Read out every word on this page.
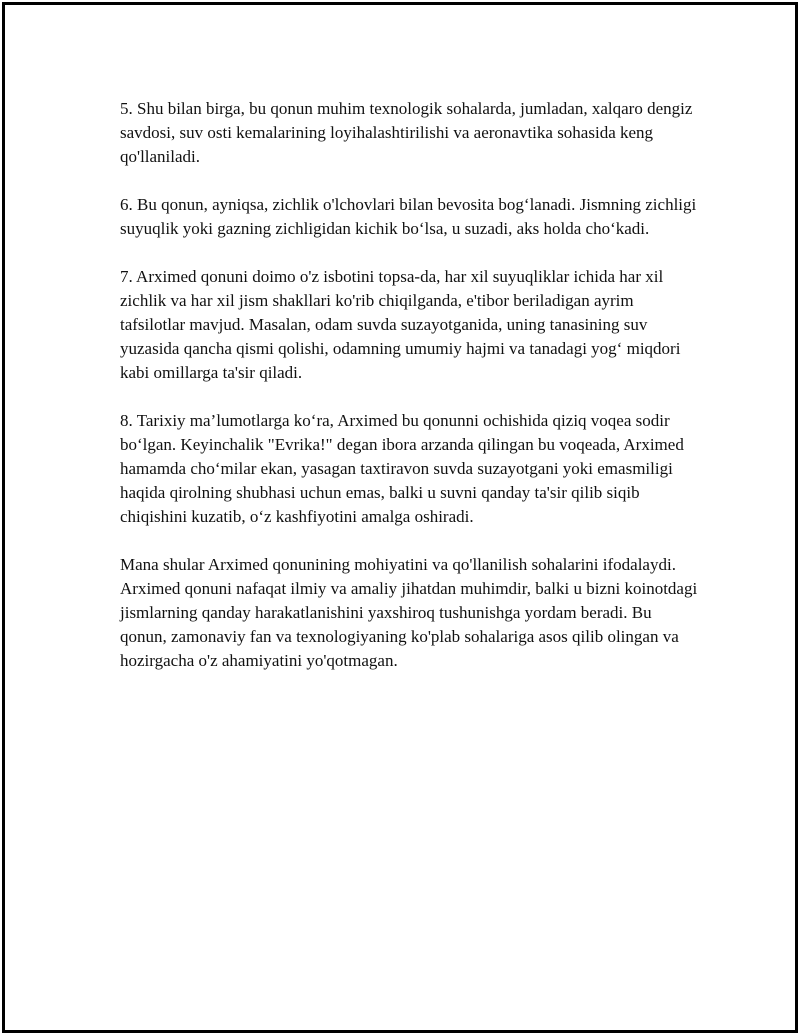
5. Shu bilan birga, bu qonun muhim texnologik sohalarda, jumladan, xalqaro dengiz savdosi, suv osti kemalarining loyihalashtirilishi va aeronavtika sohasida keng qo'llaniladi.

6. Bu qonun, ayniqsa, zichlik o'lchovlari bilan bevosita bog‘lanadi. Jismning zichligi suyuqlik yoki gazning zichligidan kichik bo‘lsa, u suzadi, aks holda cho‘kadi.

7. Arximed qonuni doimo o'z isbotini topsa-da, har xil suyuqliklar ichida har xil zichlik va har xil jism shakllari ko'rib chiqilganda, e'tibor beriladigan ayrim tafsilotlar mavjud. Masalan, odam suvda suzayotganida, uning tanasining suv yuzasida qancha qismi qolishi, odamning umumiy hajmi va tanadagi yog‘ miqdori kabi omillarga ta'sir qiladi.

8. Tarixiy ma’lumotlarga ko‘ra, Arximed bu qonunni ochishida qiziq voqea sodir bo‘lgan. Keyinchalik "Evrika!" degan ibora arzanda qilingan bu voqeada, Arximed hamamda cho‘milar ekan, yasagan taxtiravon suvda suzayotgani yoki emasmiligi haqida qirolning shubhasi uchun emas, balki u suvni qanday ta'sir qilib siqib chiqishini kuzatib, o‘z kashfiyotini amalga oshiradi.

Mana shular Arximed qonunining mohiyatini va qo'llanilish sohalarini ifodalaydi. Arximed qonuni nafaqat ilmiy va amaliy jihatdan muhimdir, balki u bizni koinotdagi jismlarning qanday harakatlanishini yaxshiroq tushunishga yordam beradi. Bu qonun, zamonaviy fan va texnologiyaning ko'plab sohalariga asos qilib olingan va hozirgacha o'z ahamiyatini yo'qotmagan.
